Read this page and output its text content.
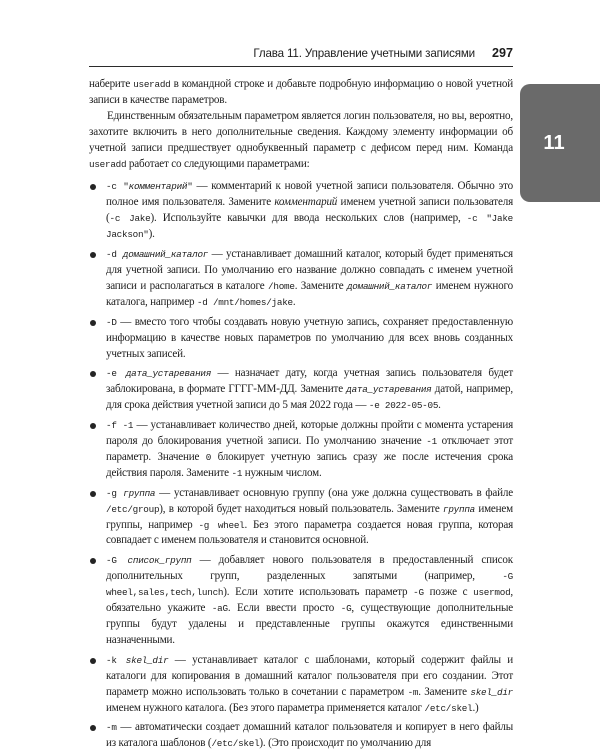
Глава 11. Управление учетными записями 297
11

наберите useradd в командной строке и добавьте подробную информацию о новой учетной записи в качестве параметров.

Единственным обязательным параметром является логин пользователя, но вы, вероятно, захотите включить в него дополнительные сведения. Каждому элементу информации об учетной записи предшествует однобуквенный параметр с дефисом перед ним. Команда useradd работает со следующими параметрами:

-c "комментарий" — комментарий к новой учетной записи пользователя. Обычно это полное имя пользователя. Замените комментарий именем учетной записи пользователя (-c Jake). Используйте кавычки для ввода нескольких слов (например, -c "Jake Jackson").
-d домашний_каталог — устанавливает домашний каталог, который будет применяться для учетной записи. По умолчанию его название должно совпадать с именем учетной записи и располагаться в каталоге /home. Замените домашний_каталог именем нужного каталога, например -d /mnt/homes/jake.
-D — вместо того чтобы создавать новую учетную запись, сохраняет предоставленную информацию в качестве новых параметров по умолчанию для всех вновь созданных учетных записей.
-e дата_устаревания — назначает дату, когда учетная запись пользователя будет заблокирована, в формате ГГГГ-ММ-ДД. Замените дата_устаревания датой, например, для срока действия учетной записи до 5 мая 2022 года — -e 2022-05-05.
-f -1 — устанавливает количество дней, которые должны пройти с момента устарения пароля до блокирования учетной записи. По умолчанию значение -1 отключает этот параметр. Значение 0 блокирует учетную запись сразу же после истечения срока действия пароля. Замените -1 нужным числом.
-g группа — устанавливает основную группу (она уже должна существовать в файле /etc/group), в которой будет находиться новый пользователь. Замените группа именем группы, например -g wheel. Без этого параметра создается новая группа, которая совпадает с именем пользователя и становится основной.
-G список_групп — добавляет нового пользователя в предоставленный список дополнительных групп, разделенных запятыми (например, -G wheel,sales,tech,lunch). Если хотите использовать параметр -G позже с usermod, обязательно укажите -aG. Если ввести просто -G, существующие дополнительные группы будут удалены и представленные группы окажутся единственными назначенными.
-k skel_dir — устанавливает каталог с шаблонами, который содержит файлы и каталоги для копирования в домашний каталог пользователя при его создании. Этот параметр можно использовать только в сочетании с параметром -m. Замените skel_dir именем нужного каталога. (Без этого параметра применяется каталог /etc/skel.)
-m — автоматически создает домашний каталог пользователя и копирует в него файлы из каталога шаблонов (/etc/skel). (Это происходит по умолчанию для
